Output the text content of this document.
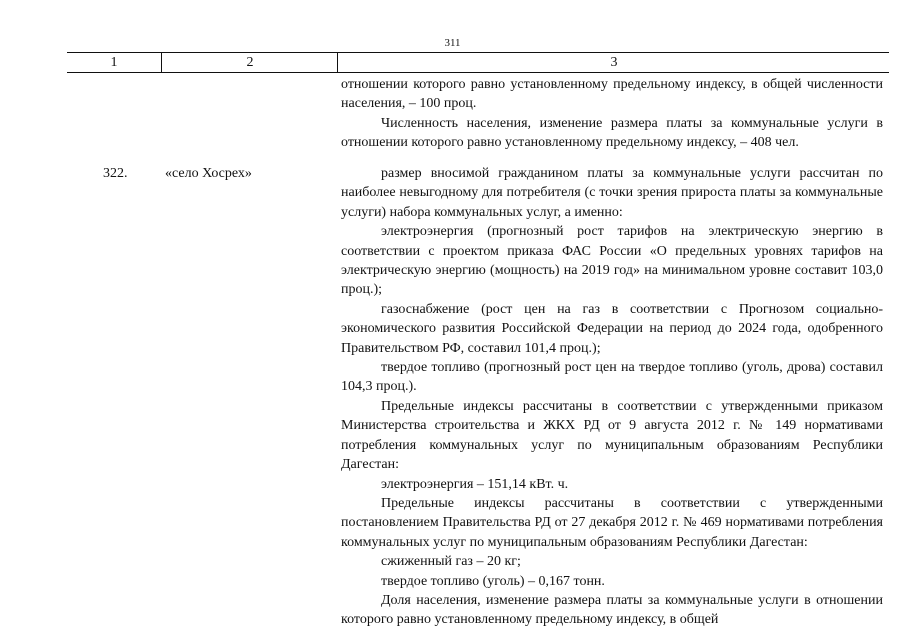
311
1	2	3

отношении которого равно установленному предельному индексу, в общей численности населения, – 100 проц.

Численность населения, изменение размера платы за коммунальные услуги в отношении которого равно установленному предельному индексу, – 408 чел.

322.	«село Хосрех»	размер вносимой гражданином платы за коммунальные услуги рассчитан по наиболее невыгодному для потребителя (с точки зрения прироста платы за коммунальные услуги) набора коммунальных услуг, а именно:

электроэнергия (прогнозный рост тарифов на электрическую энергию в соответствии с проектом приказа ФАС России «О предельных уровнях тарифов на электрическую энергию (мощность) на 2019 год» на минимальном уровне составит 103,0 проц.);

газоснабжение (рост цен на газ в соответствии с Прогнозом социально-экономического развития Российской Федерации на период до 2024 года, одобренного Правительством РФ, составил 101,4 проц.);

твердое топливо (прогнозный рост цен на твердое топливо (уголь, дрова) составил 104,3 проц.).

Предельные индексы рассчитаны в соответствии с утвержденными приказом Министерства строительства и ЖКХ РД от 9 августа 2012 г. № 149 нормативами потребления коммунальных услуг по муниципальным образованиям Республики Дагестан:

электроэнергия – 151,14 кВт. ч.

Предельные индексы рассчитаны в соответствии с утвержденными постановлением Правительства РД от 27 декабря 2012 г. № 469 нормативами потребления коммунальных услуг по муниципальным образованиям Республики Дагестан:

сжиженный газ – 20 кг;

твердое топливо (уголь) – 0,167 тонн.

Доля населения, изменение размера платы за коммунальные услуги в отношении которого равно установленному предельному индексу, в общей
